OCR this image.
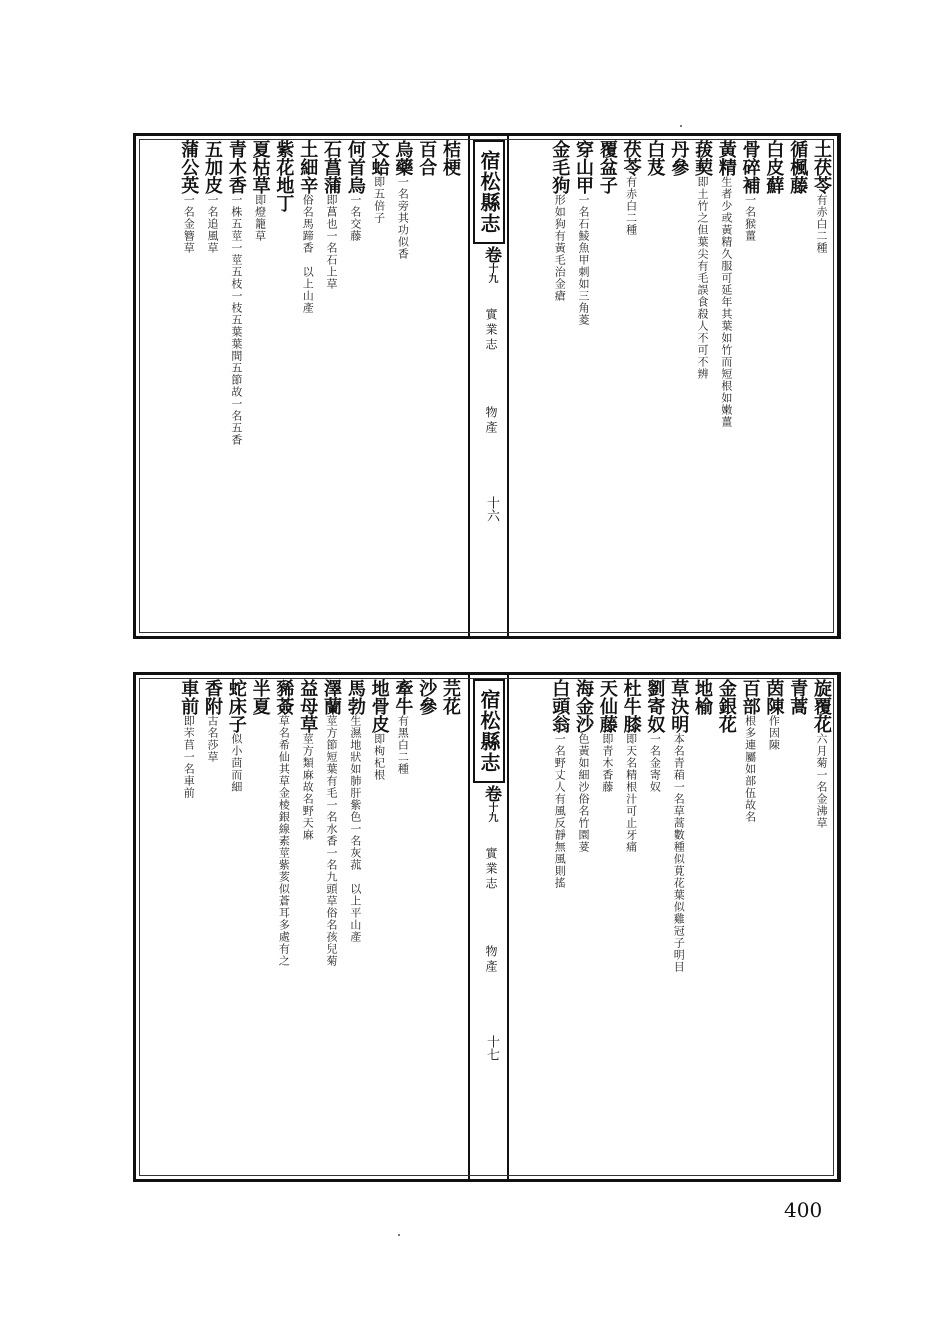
土茯苓有赤白二種
循楓藤
白皮蘚
骨碎補一名猴薑
黃精生者少或黃精久服可延年其葉如竹而短根如嫩薑
菝葜即土竹之但葉尖有毛誤食殺人不可不辨
丹參
白芨
茯苓有赤白二種
覆盆子
穿山甲一名石鯪魚甲刺如三角菱
金毛狗形如狗有黃毛治金瘡
宿松縣志
卷十九
實業志
物產
十六
桔梗
百合
烏藥一名旁其功似香
文蛤即五倍子
何首烏一名交藤
石菖蒲即菖也一名石上草
土細辛俗名馬蹄香　以上山產
紫花地丁
夏枯草即燈籠草
青木香一株五莖一莖五枝一枝五葉葉間五節故一名五香
五加皮一名追風草
蒲公英一名金簪草
旋覆花六月菊一名金沸草
青蒿
茵陳作因陳
百部根多連屬如部伍故名
金銀花
地榆
草決明本名青葙一名草蒿數種似莧花葉似雞冠子明目
劉寄奴一名金寄奴
杜牛膝即天名精根汁可止牙痛
天仙藤即青木香藤
海金沙色黃如細沙俗名竹園荽
白頭翁一名野丈人有風反靜無風則搖
宿松縣志
卷十九
實業志
物產
十七
芫花
沙參
牽牛有黑白二種
地骨皮即枸杞根
馬勃生濕地狀如肺肝紫色一名灰菰　以上平山產
澤蘭莖方節短葉有毛一名水香一名九頭草俗名孩兒菊
益母草莖方類麻故名野天麻
豨薟草名希仙其草金棱銀線素莖紫荄似蒼耳多處有之
半夏
蛇床子似小茴而細
香附古名莎草
車前即芣苢一名車前
400
